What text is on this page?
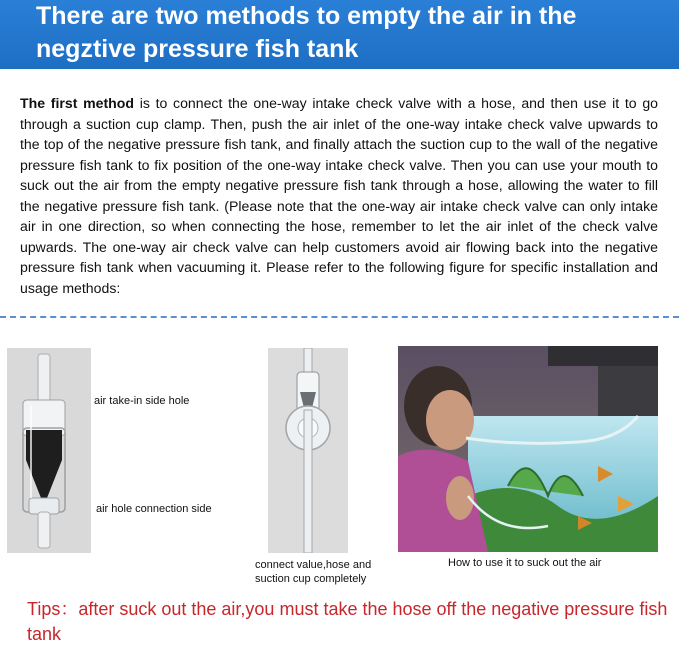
There are two methods to empty the air in the negztive pressure fish tank

The first method is to connect the one-way intake check valve with a hose, and then use it to go through a suction cup clamp. Then, push the air inlet of the one-way intake check valve upwards to the top of the negative pressure fish tank, and finally attach the suction cup to the wall of the negative pressure fish tank to fix position of the one-way intake check valve. Then you can use your mouth to suck out the air from the empty negative pressure fish tank through a hose, allowing the water to fill the negative pressure fish tank. (Please note that the one-way air intake check valve can only intake air in one direction, so when connecting the hose, remember to let the air inlet of the check valve upwards. The one-way air check valve can help customers avoid air flowing back into the negative pressure fish tank when vacuuming it. Please refer to the following figure for specific installation and usage methods:

air take-in side hole
air hole connection side
connect value,hose and
suction cup completely
How to use it to suck out the air

Tips：after suck out the air,you must take the hose off the negative pressure fish tank
